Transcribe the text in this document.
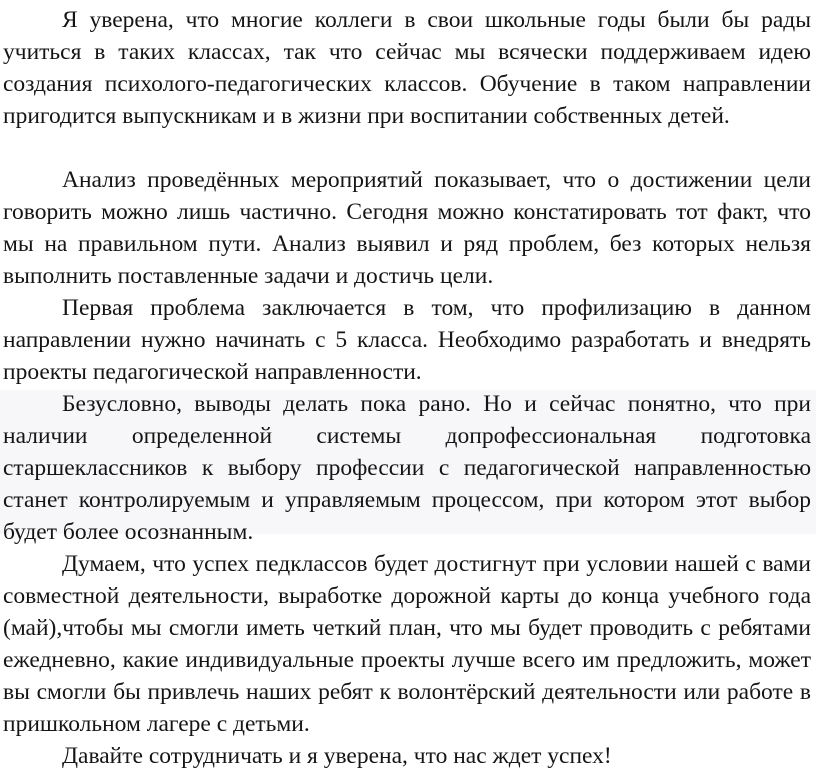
Я уверена, что многие коллеги в свои школьные годы были бы рады учиться в таких классах, так что сейчас мы всячески поддерживаем идею создания психолого-педагогических классов. Обучение в таком направлении пригодится выпускникам и в жизни при воспитании собственных детей.

Анализ проведённых мероприятий показывает, что о достижении цели говорить можно лишь частично. Сегодня можно констатировать тот факт, что мы на правильном пути. Анализ выявил и ряд проблем, без которых нельзя выполнить поставленные задачи и достичь цели.

Первая проблема заключается в том, что профилизацию в данном направлении нужно начинать с 5 класса. Необходимо разработать и внедрять проекты педагогической направленности.

Безусловно, выводы делать пока рано. Но и сейчас понятно, что при наличии определенной системы допрофессиональная подготовка старшеклассников к выбору профессии с педагогической направленностью станет контролируемым и управляемым процессом, при котором этот выбор будет более осознанным.

Думаем, что успех педклассов будет достигнут при условии нашей с вами совместной деятельности, выработке дорожной карты до конца учебного года (май),чтобы мы смогли иметь четкий план, что мы будет проводить с ребятами ежедневно, какие индивидуальные проекты лучше всего им предложить, может вы смогли бы привлечь наших ребят к волонтёрский деятельности или работе в пришкольном лагере с детьми.

Давайте сотрудничать и я уверена, что нас ждет успех!
